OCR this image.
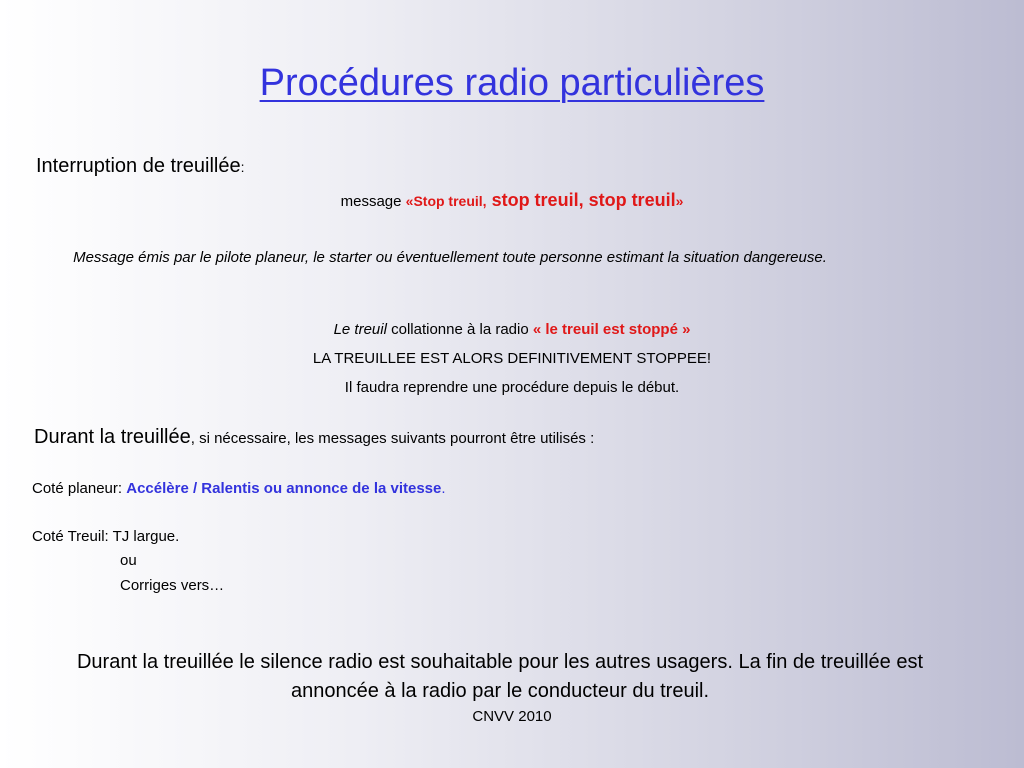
Procédures radio particulières
Interruption de treuillée:
message «Stop treuil, stop treuil, stop treuil»
Message émis par le pilote planeur, le starter ou éventuellement toute personne estimant la situation dangereuse.
Le treuil collationne à la radio « le treuil est stoppé »
LA TREUILLEE EST ALORS DEFINITIVEMENT STOPPEE!
Il faudra reprendre une procédure depuis le début.
Durant la treuillée, si nécessaire, les messages suivants pourront être utilisés :
Coté planeur: Accélère / Ralentis ou annonce de la vitesse.
Coté Treuil: TJ largue.
ou
Corriges vers…
Durant la treuillée le silence radio est souhaitable pour les autres usagers. La fin de treuillée est annoncée à la radio par le conducteur du treuil.
CNVV 2010
